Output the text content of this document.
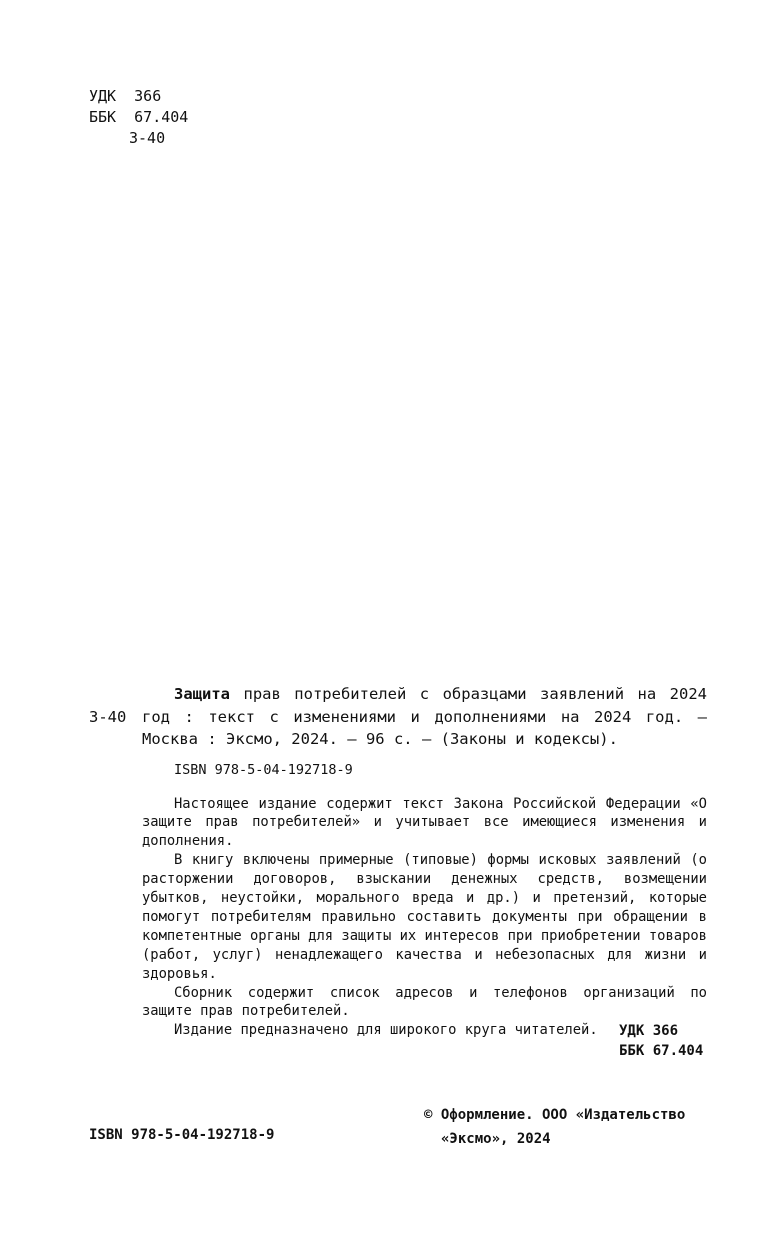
УДК  366
ББК  67.404
З-40
З-40

Защита прав потребителей с образцами заявлений на 2024 год : текст с изменениями и дополнениями на 2024 год. — Москва : Эксмо, 2024. — 96 с. — (Законы и кодексы).

ISBN 978-5-04-192718-9

Настоящее издание содержит текст Закона Российской Федерации «О защите прав потребителей» и учитывает все имеющиеся изменения и дополнения.

В книгу включены примерные (типовые) формы исковых заявлений (о расторжении договоров, взыскании денежных средств, возмещении убытков, неустойки, морального вреда и др.) и претензий, которые помогут потребителям правильно составить документы при обращении в компетентные органы для защиты их интересов при приобретении товаров (работ, услуг) ненадлежащего качества и небезопасных для жизни и здоровья.

Сборник содержит список адресов и телефонов организаций по защите прав потребителей.

Издание предназначено для широкого круга читателей.	УДК 366
ББК 67.404
© Оформление. ООО «Издательство
«Эксмо», 2024
ISBN 978-5-04-192718-9
